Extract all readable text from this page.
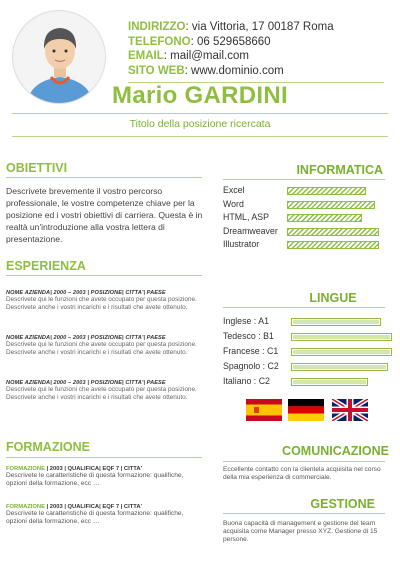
INDIRIZZO: via Vittoria, 17 00187 Roma
TELEFONO: 06 529658660
EMAIL: mail@mail.com
SITO WEB: www.dominio.com
Mario GARDINI
Titolo della posizione ricercata
OBIETTIVI
Descrivete brevemente il vostro percorso professionale, le vostre competenze chiave per la posizione ed i vostri obiettivi di carriera. Questa è in realtà un'introduzione alla vostra lettera di presentazione.
ESPERIENZA
NOME AZIENDA| 2000 – 2003 | POSIZIONE| CITTA'| PAESE
Descrivete qui le funzioni che avete occupato per questa posizione. Descrivete anche i vostri incarichi e i risultati che avete ottenuto.
NOME AZIENDA| 2000 – 2003 | POSIZIONE| CITTA'| PAESE
Descrivete qui le funzioni che avete occupato per questa posizione. Descrivete anche i vostri incarichi e i risultati che avete ottenuto.
NOME AZIENDA| 2000 – 2003 | POSIZIONE| CITTA'| PAESE
Descrivete qui le funzioni che avete occupato per questa posizione. Descrivete anche i vostri incarichi e i risultati che avete ottenuto.
FORMAZIONE
FORMAZIONE | 2003 | QUALIFICA| EQF 7 | CITTA'
Descrivete le caratteristiche di questa formazione: qualifiche, opzioni della formazione, ecc …
FORMAZIONE | 2003 | QUALIFICA| EQF 7 | CITTA'
Descrivete le caratteristiche di questa formazione: qualifiche, opzioni della formazione, ecc …
INFORMATICA
Excel
Word
HTML, ASP
Dreamweaver
Illustrator
LINGUE
Inglese : A1
Tedesco : B1
Francese : C1
Spagnolo : C2
Italiano : C2
COMUNICAZIONE
Eccellente contatto con la clientela acquisita nel corso della mia esperienza di commerciale.
GESTIONE
Buona capacità di management e gestione del team acquisita come Manager presso XYZ. Gestione di 15 persone.
